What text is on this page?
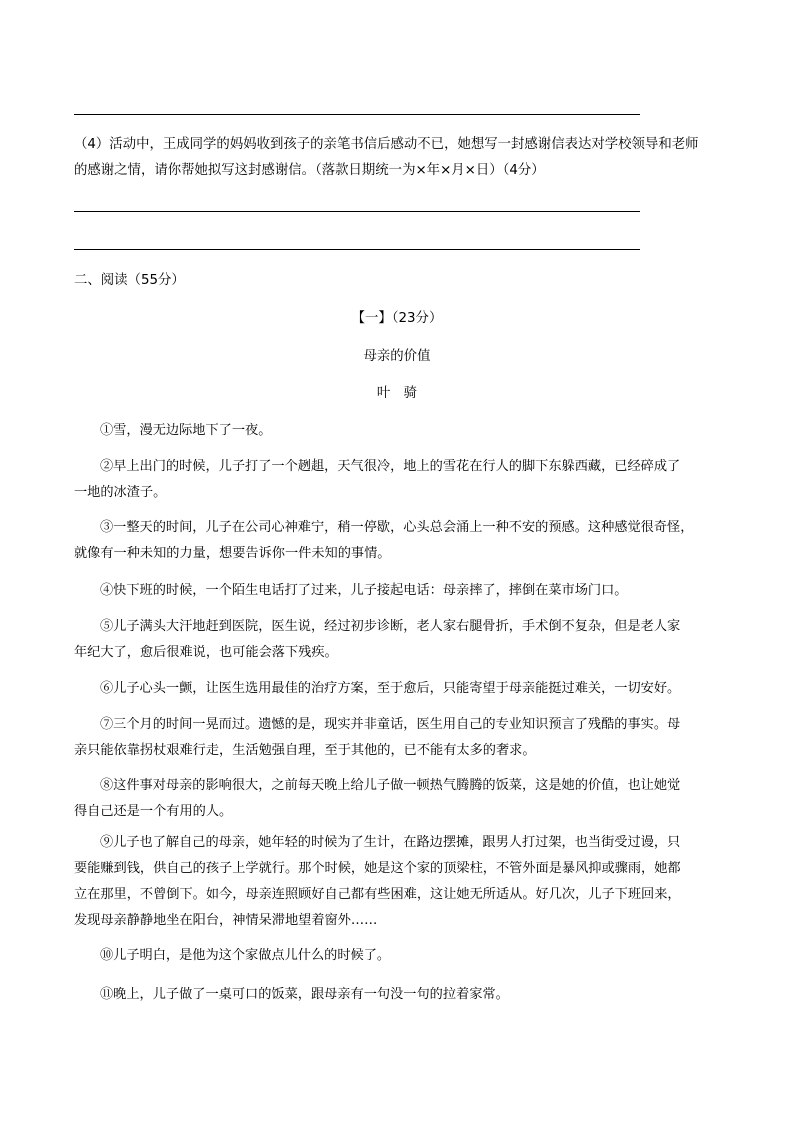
（4）活动中，王成同学的妈妈收到孩子的亲笔书信后感动不已，她想写一封感谢信表达对学校领导和老师
的感谢之情，请你帮她拟写这封感谢信。（落款日期统一为×年×月×日）（4分）
二、阅读（55分）
【一】（23分）
母亲的价值
叶　骑
①雪，漫无边际地下了一夜。
②早上出门的时候，儿子打了一个趔趄，天气很冷，地上的雪花在行人的脚下东躲西藏，已经碎成了
一地的冰渣子。
③一整天的时间，儿子在公司心神难宁，稍一停歇，心头总会涌上一种不安的预感。这种感觉很奇怪，
就像有一种未知的力量，想要告诉你一件未知的事情。
④快下班的时候，一个陌生电话打了过来，儿子接起电话：母亲摔了，摔倒在菜市场门口。
⑤儿子满头大汗地赶到医院，医生说，经过初步诊断，老人家右腿骨折，手术倒不复杂，但是老人家
年纪大了，愈后很难说，也可能会落下残疾。
⑥儿子心头一颤，让医生选用最佳的治疗方案，至于愈后，只能寄望于母亲能挺过难关，一切安好。
⑦三个月的时间一晃而过。遗憾的是，现实并非童话，医生用自己的专业知识预言了残酷的事实。母
亲只能依靠拐杖艰难行走，生活勉强自理，至于其他的，已不能有太多的奢求。
⑧这件事对母亲的影响很大，之前每天晚上给儿子做一顿热气腾腾的饭菜，这是她的价值，也让她觉
得自己还是一个有用的人。
⑨儿子也了解自己的母亲，她年轻的时候为了生计，在路边摆摊，跟男人打过架，也当街受过谩，只
要能赚到钱，供自己的孩子上学就行。那个时候，她是这个家的顶梁柱，不管外面是暴风抑或骤雨，她都
立在那里，不曾倒下。如今，母亲连照顾好自己都有些困难，这让她无所适从。好几次，儿子下班回来，
发现母亲静静地坐在阳台，神情呆滞地望着窗外……
⑩儿子明白，是他为这个家做点儿什么的时候了。
⑪晚上，儿子做了一桌可口的饭菜，跟母亲有一句没一句的拉着家常。
